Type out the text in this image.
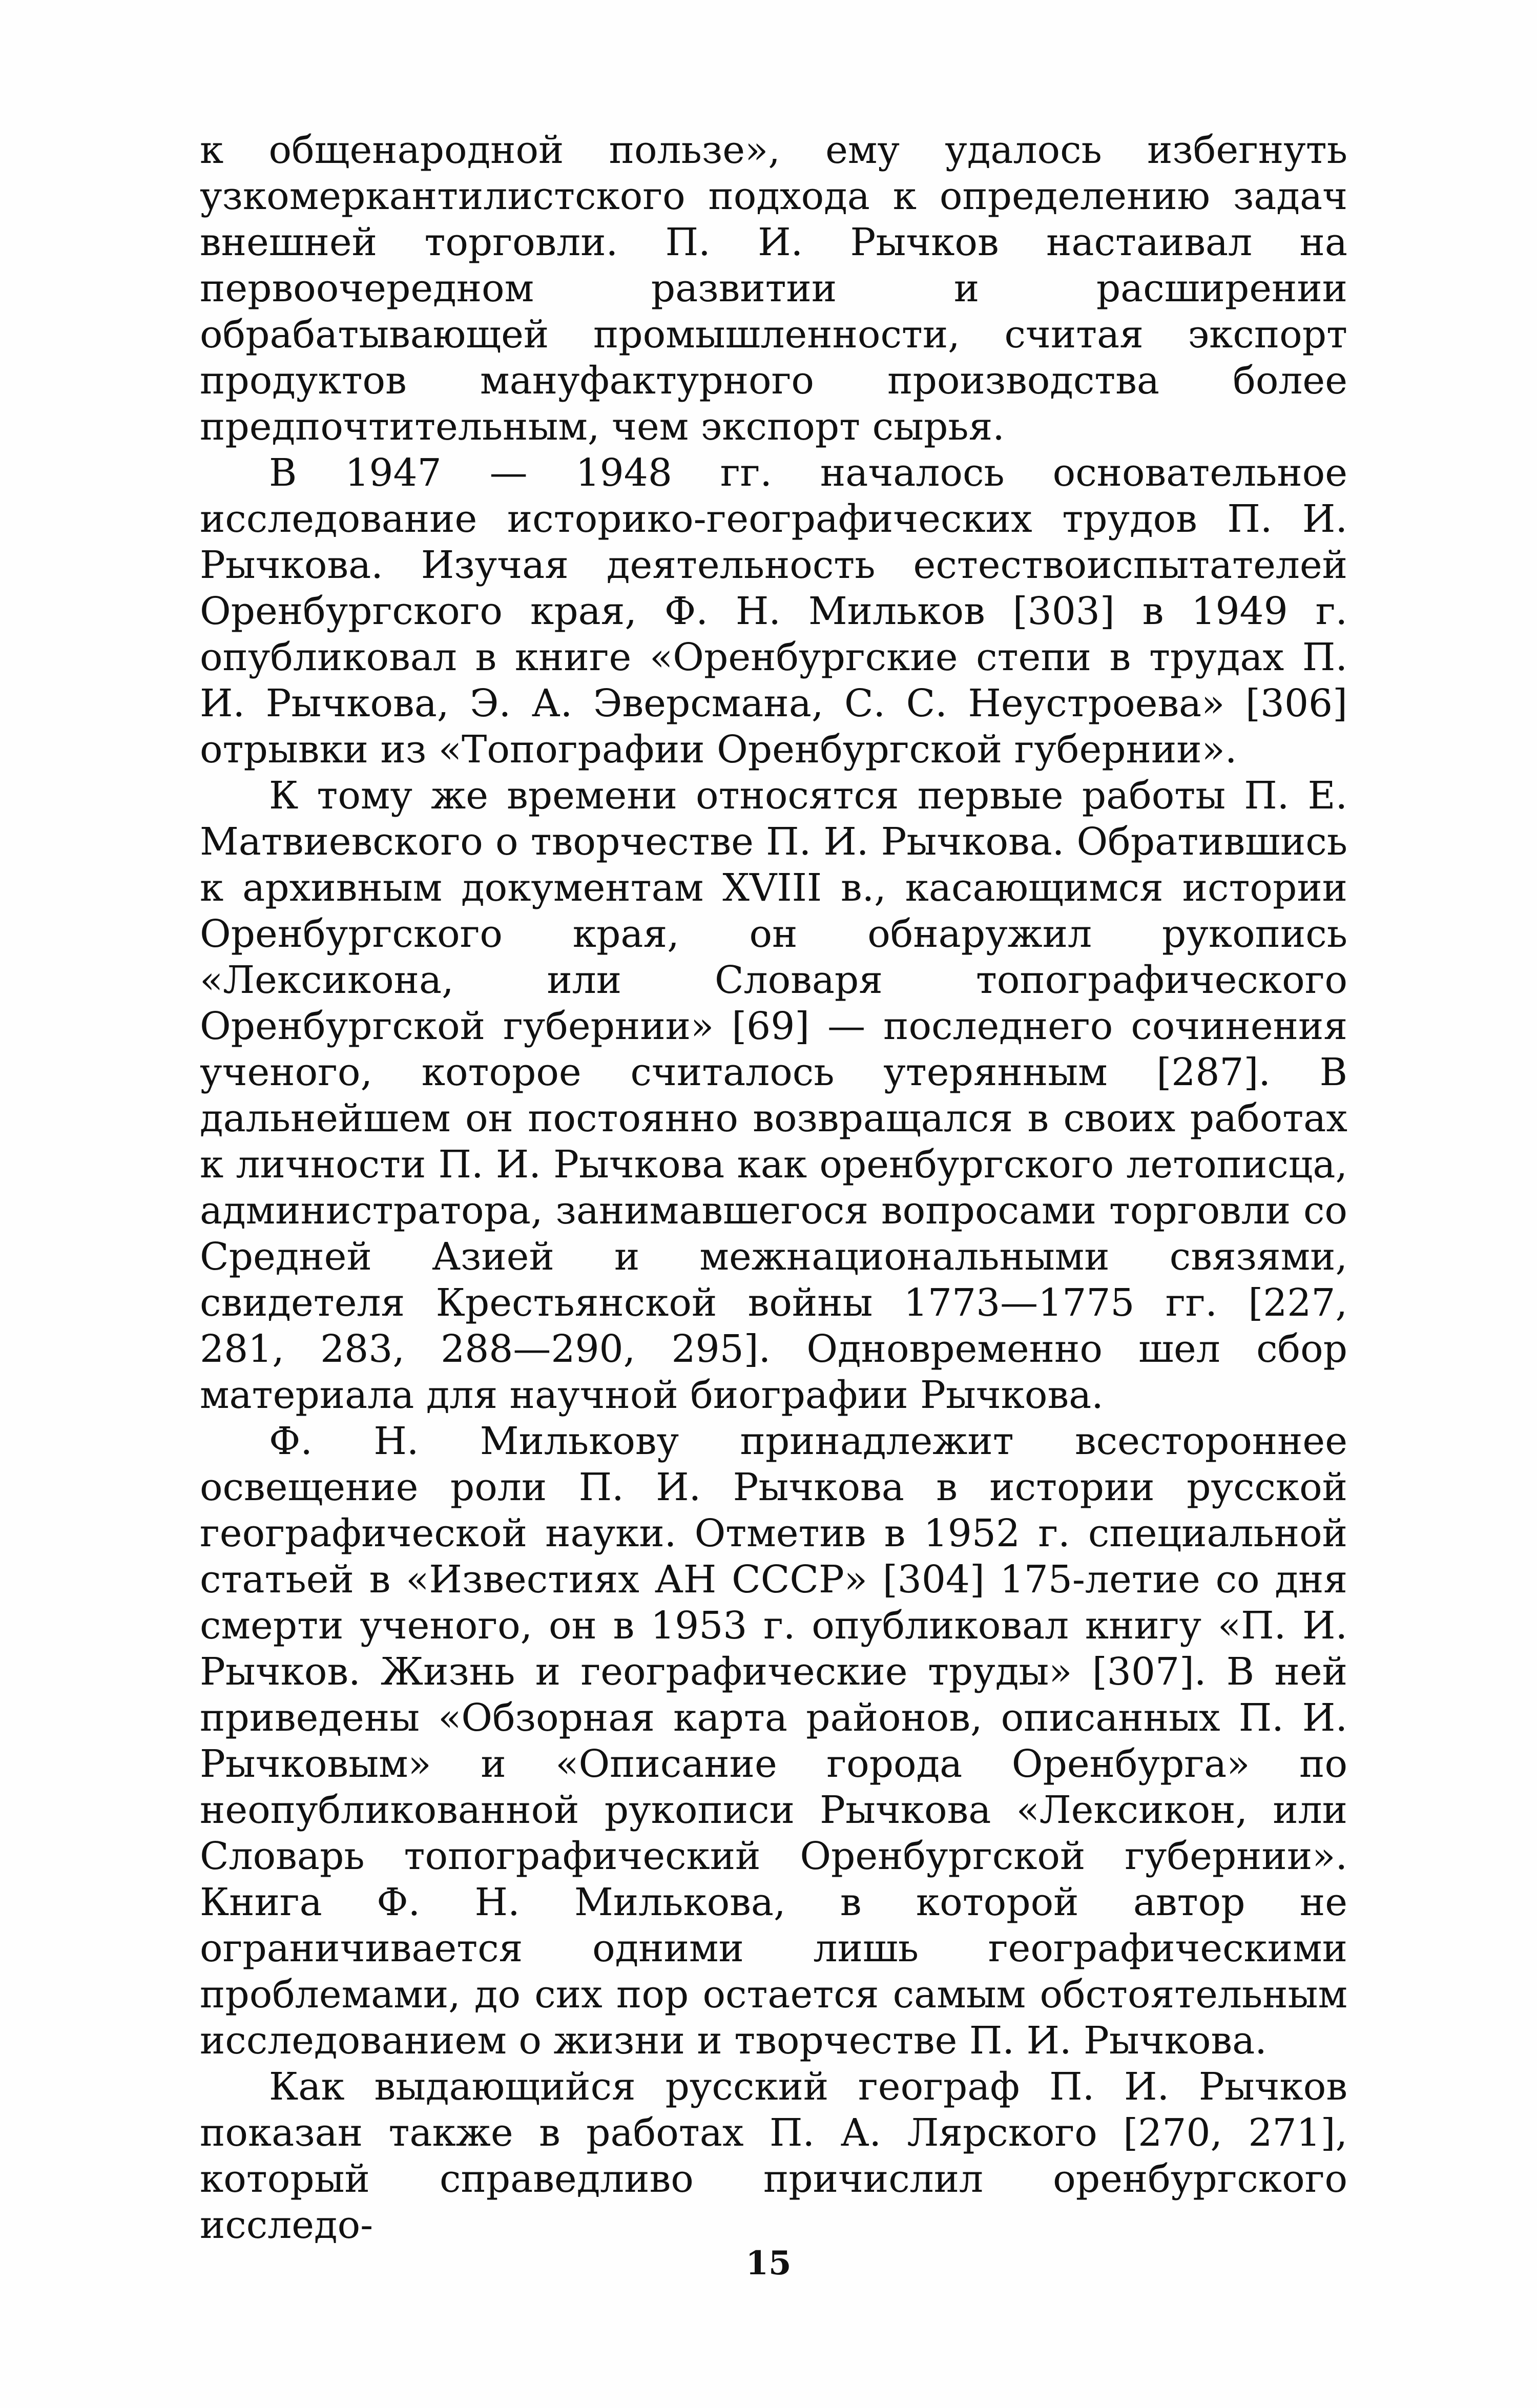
к общенародной пользе», ему удалось избегнуть узкомеркантилистского подхода к определению задач внешней торговли. П. И. Рычков настаивал на первоочередном развитии и расширении обрабатывающей промышленности, считая экспорт продуктов мануфактурного производства более предпочтительным, чем экспорт сырья.

В 1947 — 1948 гг. началось основательное исследование историко-географических трудов П. И. Рычкова. Изучая деятельность естествоиспытателей Оренбургского края, Ф. Н. Мильков [303] в 1949 г. опубликовал в книге «Оренбургские степи в трудах П. И. Рычкова, Э. А. Эверсмана, С. С. Неустроева» [306] отрывки из «Топографии Оренбургской губернии».

К тому же времени относятся первые работы П. Е. Матвиевского о творчестве П. И. Рычкова. Обратившись к архивным документам XVIII в., касающимся истории Оренбургского края, он обнаружил рукопись «Лексикона, или Словаря топографического Оренбургской губернии» [69] — последнего сочинения ученого, которое считалось утерянным [287]. В дальнейшем он постоянно возвращался в своих работах к личности П. И. Рычкова как оренбургского летописца, администратора, занимавшегося вопросами торговли со Средней Азией и межнациональными связями, свидетеля Крестьянской войны 1773—1775 гг. [227, 281, 283, 288—290, 295]. Одновременно шел сбор материала для научной биографии Рычкова.

Ф. Н. Милькову принадлежит всестороннее освещение роли П. И. Рычкова в истории русской географической науки. Отметив в 1952 г. специальной статьей в «Известиях АН СССР» [304] 175-летие со дня смерти ученого, он в 1953 г. опубликовал книгу «П. И. Рычков. Жизнь и географические труды» [307]. В ней приведены «Обзорная карта районов, описанных П. И. Рычковым» и «Описание города Оренбурга» по неопубликованной рукописи Рычкова «Лексикон, или Словарь топографический Оренбургской губернии». Книга Ф. Н. Милькова, в которой автор не ограничивается одними лишь географическими проблемами, до сих пор остается самым обстоятельным исследованием о жизни и творчестве П. И. Рычкова.

Как выдающийся русский географ П. И. Рычков показан также в работах П. А. Лярского [270, 271], который справедливо причислил оренбургского исследо-

15
